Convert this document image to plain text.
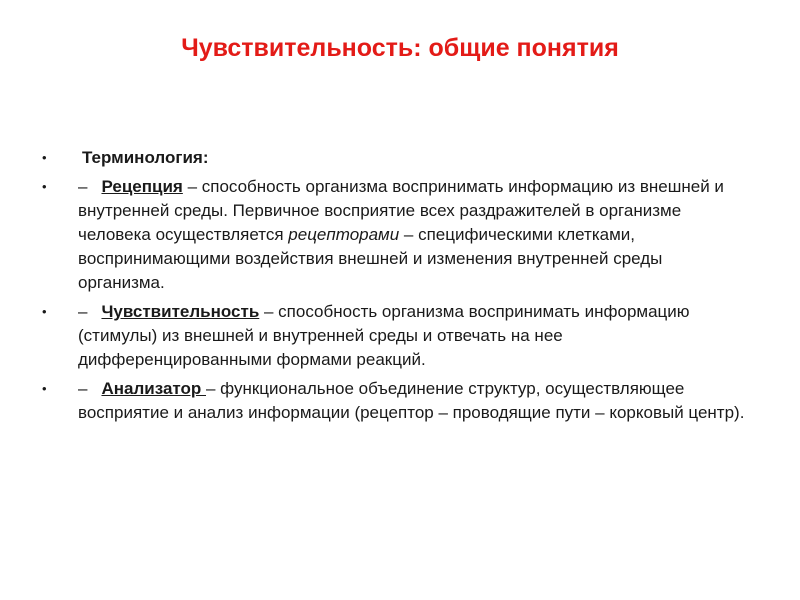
Чувствительность: общие понятия
• Терминология:
• – Рецепция – способность организма воспринимать информацию из внешней и внутренней среды. Первичное восприятие всех раздражителей в организме человека осуществляется рецепторами – специфическими клетками, воспринимающими воздействия внешней и изменения внутренней среды организма.
• – Чувствительность – способность организма воспринимать информацию (стимулы) из внешней и внутренней среды и отвечать на нее дифференцированными формами реакций.
• – Анализатор – функциональное объединение структур, осуществляющее восприятие и анализ информации (рецептор – проводящие пути – корковый центр).
